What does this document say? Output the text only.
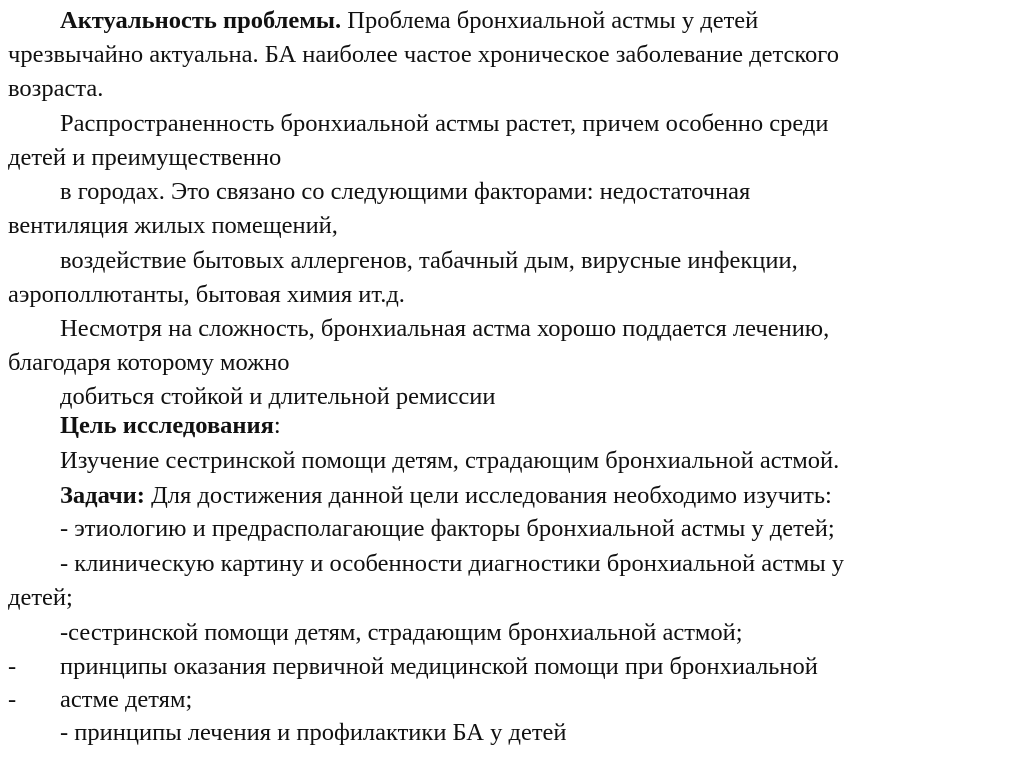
Актуальность проблемы. Проблема бронхиальной астмы у детей
чрезвычайно актуальна. БА наиболее частое хроническое заболевание детского
возраста.
Распространенность бронхиальной астмы растет, причем особенно среди
детей и преимущественно
в городах. Это связано со следующими факторами: недостаточная
вентиляция жилых помещений,
воздействие бытовых аллергенов, табачный дым, вирусные инфекции,
аэрополлютанты, бытовая химия ит.д.
Несмотря на сложность, бронхиальная астма хорошо поддается лечению,
благодаря которому можно
добиться стойкой и длительной ремиссии
Цель исследования:
Изучение сестринской помощи детям, страдающим бронхиальной астмой.
Задачи: Для достижения данной цели исследования необходимо изучить:
- этиологию и предрасполагающие факторы бронхиальной астмы у детей;
- клиническую картину и особенности диагностики бронхиальной астмы у
детей;
-сестринской помощи детям, страдающим бронхиальной астмой;
- принципы оказания первичной медицинской помощи при бронхиальной
- астме детям;
- принципы лечения и профилактики БА у детей
